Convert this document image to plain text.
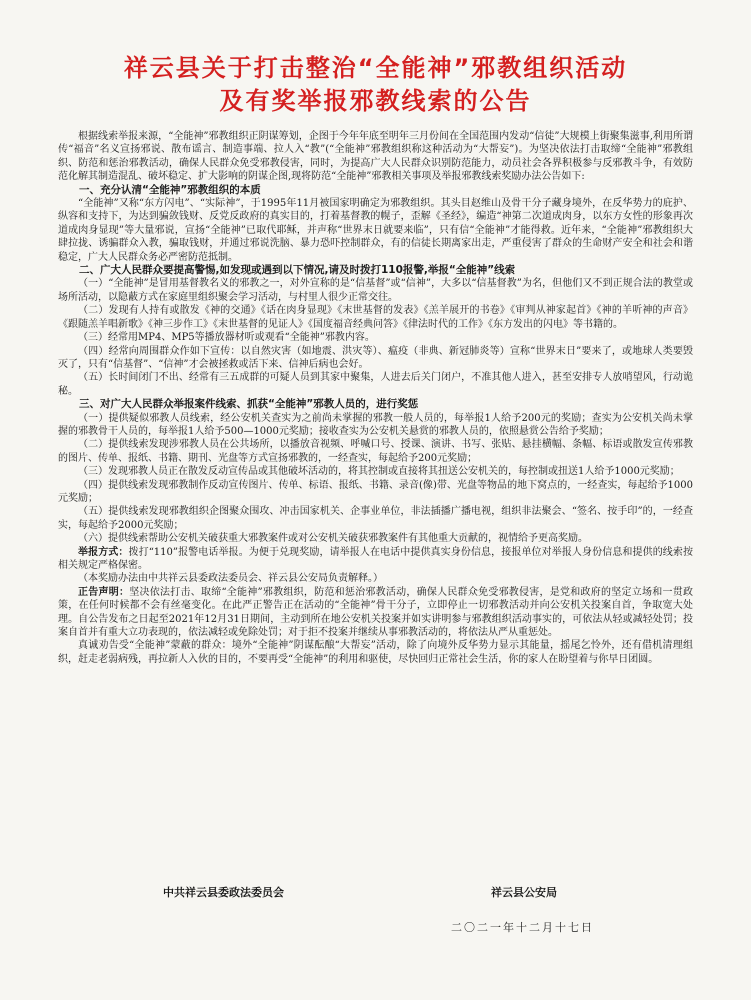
祥云县关于打击整治“全能神”邪教组织活动
及有奖举报邪教线索的公告

根据线索举报来源，“全能神”邪教组织正阴谋筹划，企图于今年年底至明年三月份间在全国范围内发动“信徒”大规模上街聚集滋事,利用所谓传“福音”名义宣扬邪说、散布谣言、制造事端、拉人入“教”(“全能神”邪教组织称这种活动为“大帮妄”)。为坚决依法打击取缔“全能神”邪教组织、防范和惩治邪教活动，确保人民群众免受邪教侵害，同时，为提高广大人民群众识别防范能力，动员社会各界积极参与反邪教斗争，有效防范化解其制造混乱、破坏稳定、扩大影响的阴谋企图,现将防范“全能神”邪教相关事项及举报邪教线索奖励办法公告如下:

一、充分认清“全能神”邪教组织的本质

“全能神”又称“东方闪电”、“实际神”，于1995年11月被国家明确定为邪教组织。其头目赵维山及骨干分子藏身境外，在反华势力的庇护、纵容和支持下，为达到骗敛钱财、反党反政府的真实目的，打着基督教的幌子，歪解《圣经》，编造“神第二次道成肉身，以东方女性的形象再次道成肉身显现”等大量邪说，宣扬“全能神”已取代耶稣，并声称“世界末日就要来临”，只有信“全能神”才能得救。近年来，“全能神”邪教组织大肆拉拢、诱骗群众入教，骗取钱财，并通过邪说洗脑、暴力恐吓控制群众，有的信徒长期离家出走，严重侵害了群众的生命财产安全和社会和谐稳定，广大人民群众务必严密防范抵制。

二、广大人民群众要提高警惕,如发现或遇到以下情况,请及时拨打110报警,举报“全能神”线索

（一）“全能神”是冒用基督教名义的邪教之一，对外宣称的是“信基督”或“信神”，大多以“信基督教”为名，但他们又不到正规合法的教堂或场所活动，以隐蔽方式在家庭里组织聚会学习活动，与村里人很少正常交往。

（二）发现有人持有或散发《神的交通》《话在肉身显现》《末世基督的发表》《羔羊展开的书卷》《审判从神家起首》《神的羊听神的声音》《跟随羔羊唱新歌》《神三步作工》《末世基督的见证人》《国度福音经典问答》《律法时代的工作》《东方发出的闪电》等书籍的。

（三）经常用MP4、MP5等播放器材听或观看“全能神”邪教内容。

（四）经常向周围群众作如下宣传：以自然灾害（如地震、洪灾等）、瘟疫（非典、新冠肺炎等）宣称“世界末日”要来了，或地球人类要毁灭了，只有“信基督”、“信神”才会被拯救或活下来、信神后病也会好。

（五）长时间闭门不出、经常有三五成群的可疑人员到其家中聚集，人进去后关门闭户，不准其他人进入，甚至安排专人放哨望风，行动诡秘。

三、对广大人民群众举报案件线索、抓获“全能神”邪教人员的，进行奖惩

（一）提供疑似邪教人员线索，经公安机关查实为之前尚未掌握的邪教一般人员的，每举报1人给予200元的奖励；查实为公安机关尚未掌握的邪教骨干人员的，每举报1人给予500—1000元奖励；接收查实为公安机关悬赏的邪教人员的，依照悬赏公告给予奖励；

（二）提供线索发现涉邪教人员在公共场所，以播放音视频、呼喊口号、授课、演讲、书写、张贴、悬挂横幅、条幅、标语或散发宣传邪教的图片、传单、报纸、书籍、期刊、光盘等方式宣扬邪教的，一经查实，每起给予200元奖励；

（三）发现邪教人员正在散发反动宣传品或其他破坏活动的，将其控制或直接将其扭送公安机关的，每控制或扭送1人给予1000元奖励；

（四）提供线索发现邪教制作反动宣传图片、传单、标语、报纸、书籍、录音(像)带、光盘等物品的地下窝点的，一经查实，每起给予1000元奖励；

（五）提供线索发现邪教组织企图聚众围攻、冲击国家机关、企事业单位，非法插播广播电视，组织非法聚会、“签名、按手印”的，一经查实，每起给予2000元奖励；

（六）提供线索帮助公安机关破获重大邪教案件或对公安机关破获邪教案件有其他重大贡献的，视情给予更高奖励。

举报方式：拨打“110”报警电话举报。为便于兑现奖励，请举报人在电话中提供真实身份信息，接报单位对举报人身份信息和提供的线索按相关规定严格保密。

（本奖励办法由中共祥云县委政法委员会、祥云县公安局负责解释。）

正告声明：坚决依法打击、取缔“全能神”邪教组织，防范和惩治邪教活动，确保人民群众免受邪教侵害，是党和政府的坚定立场和一贯政策，在任何时候都不会有丝毫变化。在此严正警告正在活动的“全能神”骨干分子，立即停止一切邪教活动并向公安机关投案自首，争取宽大处理。自公告发布之日起至2021年12月31日期间，主动到所在地公安机关投案并如实讲明参与邪教组织活动事实的，可依法从轻或减轻处罚；投案自首并有重大立功表现的，依法减轻或免除处罚；对于拒不投案并继续从事邪教活动的，将依法从严从重惩处。

真诚劝告受“全能神”蒙蔽的群众：境外“全能神”阴谋酝酿“大帮妄”活动，除了向境外反华势力显示其能量，摇尾乞怜外，还有借机清理组织，赶走老弱病残，再拉新人入伙的目的，不要再受“全能神”的利用和驱使，尽快回归正常社会生活，你的家人在盼望着与你早日团圆。

中共祥云县委政法委员会	祥云县公安局
二〇二一年十二月十七日
